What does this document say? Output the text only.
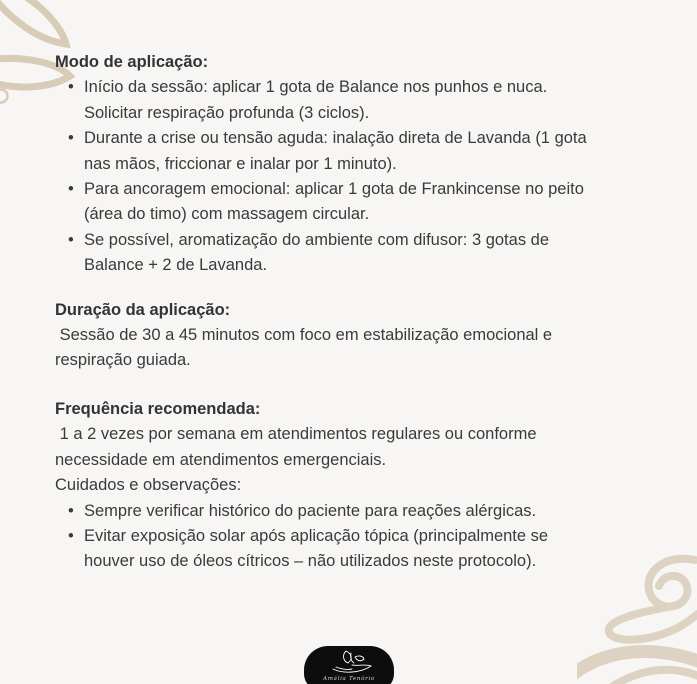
Modo de aplicação:
• Início da sessão: aplicar 1 gota de Balance nos punhos e nuca.
Solicitar respiração profunda (3 ciclos).
• Durante a crise ou tensão aguda: inalação direta de Lavanda (1 gota
nas mãos, friccionar e inalar por 1 minuto).
• Para ancoragem emocional: aplicar 1 gota de Frankincense no peito
(área do timo) com massagem circular.
• Se possível, aromatização do ambiente com difusor: 3 gotas de
Balance + 2 de Lavanda.
Duração da aplicação:
Sessão de 30 a 45 minutos com foco em estabilização emocional e
respiração guiada.
Frequência recomendada:
1 a 2 vezes por semana em atendimentos regulares ou conforme
necessidade em atendimentos emergenciais.
Cuidados e observações:
• Sempre verificar histórico do paciente para reações alérgicas.
• Evitar exposição solar após aplicação tópica (principalmente se
houver uso de óleos cítricos – não utilizados neste protocolo).
Amália Tenório
